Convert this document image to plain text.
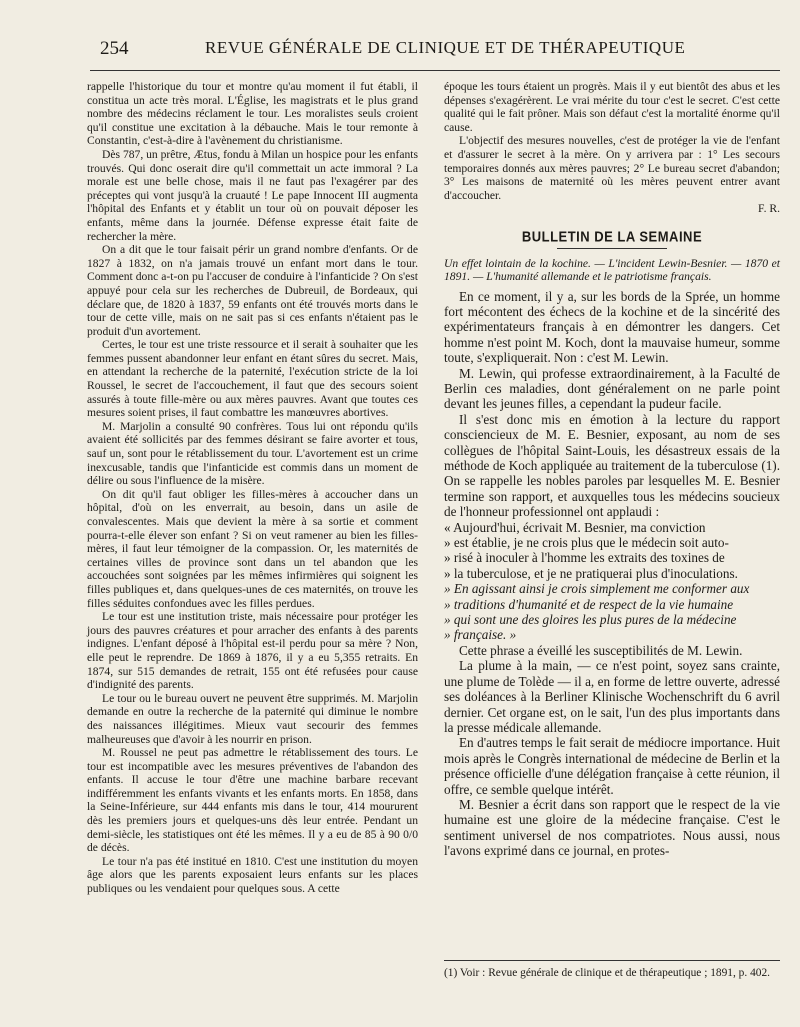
254	REVUE GÉNÉRALE DE CLINIQUE ET DE THÉRAPEUTIQUE

rappelle l'historique du tour et montre qu'au moment il fut établi, il constitua un acte très moral. L'Église, les magistrats et le plus grand nombre des médecins réclament le tour. Les moralistes seuls croient qu'il constitue une excitation à la débauche. Mais le tour remonte à Constantin, c'est-à-dire à l'avènement du christianisme.

Dès 787, un prêtre, Ætus, fondu à Milan un hospice pour les enfants trouvés. Qui donc oserait dire qu'il commettait un acte immoral ? La morale est une belle chose, mais il ne faut pas l'exagérer par des préceptes qui vont jusqu'à la cruauté ! Le pape Innocent III augmenta l'hôpital des Enfants et y établit un tour où on pouvait déposer les enfants, même dans la journée. Défense expresse était faite de rechercher la mère.

On a dit que le tour faisait périr un grand nombre d'enfants. Or de 1827 à 1832, on n'a jamais trouvé un enfant mort dans le tour. Comment donc a-t-on pu l'accuser de conduire à l'infanticide ? On s'est appuyé pour cela sur les recherches de Dubreuil, de Bordeaux, qui déclare que, de 1820 à 1837, 59 enfants ont été trouvés morts dans le tour de cette ville, mais on ne sait pas si ces enfants n'étaient pas le produit d'un avortement.

Certes, le tour est une triste ressource et il serait à souhaiter que les femmes pussent abandonner leur enfant en étant sûres du secret. Mais, en attendant la recherche de la paternité, l'exécution stricte de la loi Roussel, le secret de l'accouchement, il faut que des secours soient assurés à toute fille-mère ou aux mères pauvres. Avant que toutes ces mesures soient prises, il faut combattre les manœuvres abortives.

M. Marjolin a consulté 90 confrères. Tous lui ont répondu qu'ils avaient été sollicités par des femmes désirant se faire avorter et tous, sauf un, sont pour le rétablissement du tour. L'avortement est un crime inexcusable, tandis que l'infanticide est commis dans un moment de délire ou sous l'influence de la misère.

On dit qu'il faut obliger les filles-mères à accoucher dans un hôpital, d'où on les enverrait, au besoin, dans un asile de convalescentes. Mais que devient la mère à sa sortie et comment pourra-t-elle élever son enfant ? Si on veut ramener au bien les filles-mères, il faut leur témoigner de la compassion. Or, les maternités de certaines villes de province sont dans un tel abandon que les accouchées sont soignées par les mêmes infirmières qui soignent les filles publiques et, dans quelques-unes de ces maternités, on trouve les filles séduites confondues avec les filles perdues.

Le tour est une institution triste, mais nécessaire pour protéger les jours des pauvres créatures et pour arracher des enfants à des parents indignes. L'enfant déposé à l'hôpital est-il perdu pour sa mère ? Non, elle peut le reprendre. De 1869 à 1876, il y a eu 5,355 retraits. En 1874, sur 515 demandes de retrait, 155 ont été refusées pour cause d'indignité des parents.

Le tour ou le bureau ouvert ne peuvent être supprimés. M. Marjolin demande en outre la recherche de la paternité qui diminue le nombre des naissances illégitimes. Mieux vaut secourir des femmes malheureuses que d'avoir à les nourrir en prison.

M. Roussel ne peut pas admettre le rétablissement des tours. Le tour est incompatible avec les mesures préventives de l'abandon des enfants. Il accuse le tour d'être une machine barbare recevant indifféremment les enfants vivants et les enfants morts. En 1858, dans la Seine-Inférieure, sur 444 enfants mis dans le tour, 414 moururent dès les premiers jours et quelques-uns dès leur entrée. Pendant un demi-siècle, les statistiques ont été les mêmes. Il y a eu de 85 à 90 0/0 de décès.

Le tour n'a pas été institué en 1810. C'est une institution du moyen âge alors que les parents exposaient leurs enfants sur les places publiques ou les vendaient pour quelques sous. A cette

époque les tours étaient un progrès. Mais il y eut bientôt des abus et les dépenses s'exagérèrent. Le vrai mérite du tour c'est le secret. C'est cette qualité qui le fait prôner. Mais son défaut c'est la mortalité énorme qu'il cause.

L'objectif des mesures nouvelles, c'est de protéger la vie de l'enfant et d'assurer le secret à la mère. On y arrivera par : 1° Les secours temporaires donnés aux mères pauvres; 2° Le bureau secret d'abandon; 3° Les maisons de maternité où les mères peuvent entrer avant d'accoucher.

F. R.
BULLETIN DE LA SEMAINE
Un effet lointain de la kochine. — L'incident Lewin-Besnier. — 1870 et 1891. — L'humanité allemande et le patriotisme français.

En ce moment, il y a, sur les bords de la Sprée, un homme fort mécontent des échecs de la kochine et de la sincérité des expérimentateurs français à en démontrer les dangers. Cet homme n'est point M. Koch, dont la mauvaise humeur, somme toute, s'expliquerait. Non : c'est M. Lewin.

M. Lewin, qui professe extraordinairement, à la Faculté de Berlin ces maladies, dont généralement on ne parle point devant les jeunes filles, a cependant la pudeur facile.

Il s'est donc mis en émotion à la lecture du rapport consciencieux de M. E. Besnier, exposant, au nom de ses collègues de l'hôpital Saint-Louis, les désastreux essais de la méthode de Koch appliquée au traitement de la tuberculose (1). On se rappelle les nobles paroles par lesquelles M. E. Besnier termine son rapport, et auxquelles tous les médecins soucieux de l'honneur professionnel ont applaudi :

« Aujourd'hui, écrivait M. Besnier, ma conviction

» est établie, je ne crois plus que le médecin soit auto-

» risé à inoculer à l'homme les extraits des toxines de

» la tuberculose, et je ne pratiquerai plus d'inoculations.

» En agissant ainsi je crois simplement me conformer aux

» traditions d'humanité et de respect de la vie humaine

» qui sont une des gloires les plus pures de la médecine

» française. »

Cette phrase a éveillé les susceptibilités de M. Lewin.

La plume à la main, — ce n'est point, soyez sans crainte, une plume de Tolède — il a, en forme de lettre ouverte, adressé ses doléances à la Berliner Klinische Wochenschrift du 6 avril dernier. Cet organe est, on le sait, l'un des plus importants dans la presse médicale allemande.

En d'autres temps le fait serait de médiocre importance. Huit mois après le Congrès international de médecine de Berlin et la présence officielle d'une délégation française à cette réunion, il offre, ce semble quelque intérêt.

M. Besnier a écrit dans son rapport que le respect de la vie humaine est une gloire de la médecine française. C'est le sentiment universel de nos compatriotes. Nous aussi, nous l'avons exprimé dans ce journal, en protes-

(1) Voir : Revue générale de clinique et de thérapeutique ; 1891, p. 402.
